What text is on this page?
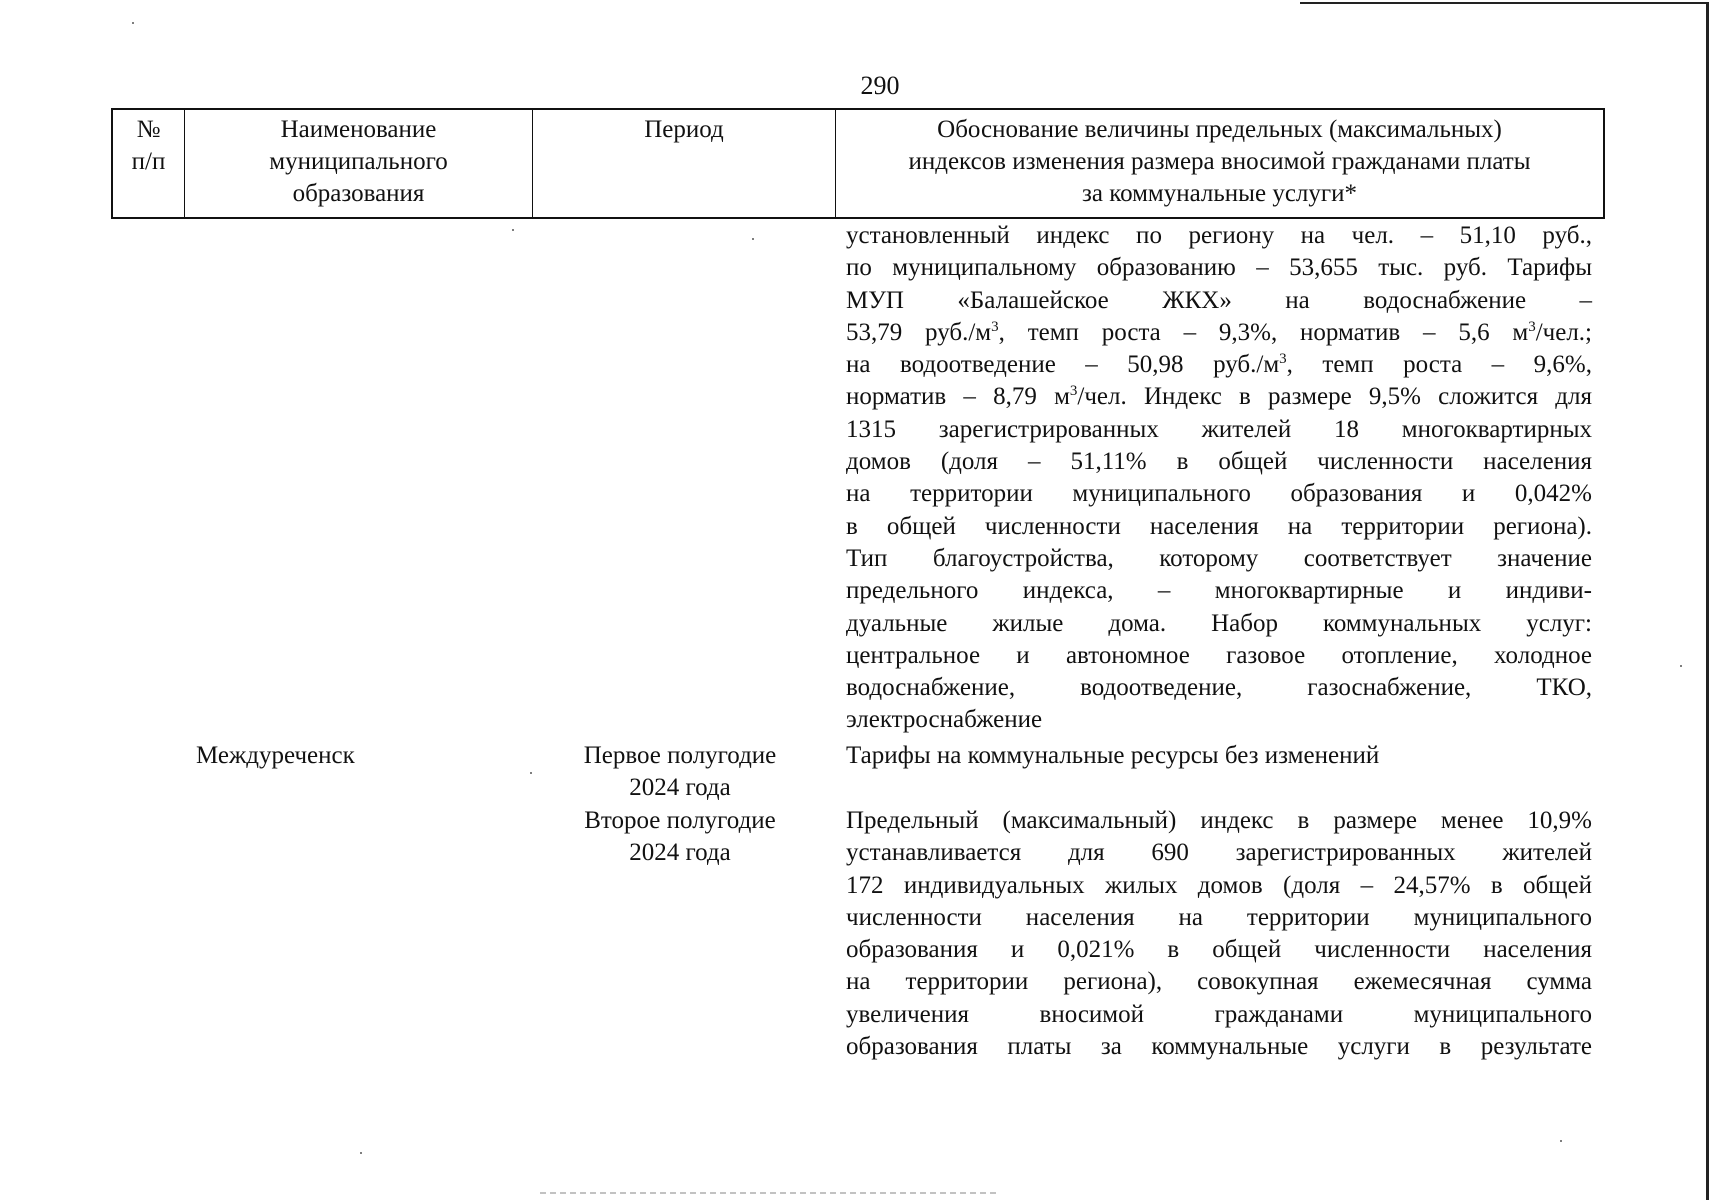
290
№
п/п
Наименование
муниципального
образования
Период	Обоснование величины предельных (максимальных)
индексов изменения размера вносимой гражданами платы
за коммунальные услуги*
установленный индекс по региону на чел. – 51,10 руб.,
по муниципальному образованию – 53,655 тыс. руб. Тарифы
МУП «Балашейское ЖКХ» на водоснабжение –
53,79 $руб./м^3$, темп роста – 9,3%, норматив – 5,6 $м^3$/чел.;
на водоотведение – 50,98 $руб./м^3$, темп роста – 9,6%,
норматив – 8,79 $м^3$/чел. Индекс в размере 9,5% сложится для
1315 зарегистрированных жителей 18 многоквартирных
домов (доля – 51,11% в общей численности населения
на территории муниципального образования и 0,042%
в общей численности населения на территории региона).
Тип благоустройства, которому соответствует значение
предельного индекса, – многоквартирные и индиви-
дуальные жилые дома. Набор коммунальных услуг:
центральное и автономное газовое отопление, холодное
водоснабжение, водоотведение, газоснабжение, ТКО,
электроснабжение
Междуреченск	Первое полугодие
2024 года
Тарифы на коммунальные ресурсы без изменений
Второе полугодие
2024 года
Предельный (максимальный) индекс в размере менее 10,9%
устанавливается для 690 зарегистрированных жителей
172 индивидуальных жилых домов (доля – 24,57% в общей
численности населения на территории муниципального
образования и 0,021% в общей численности населения
на территории региона), совокупная ежемесячная сумма
увеличения вносимой гражданами муниципального
образования платы за коммунальные услуги в результате
